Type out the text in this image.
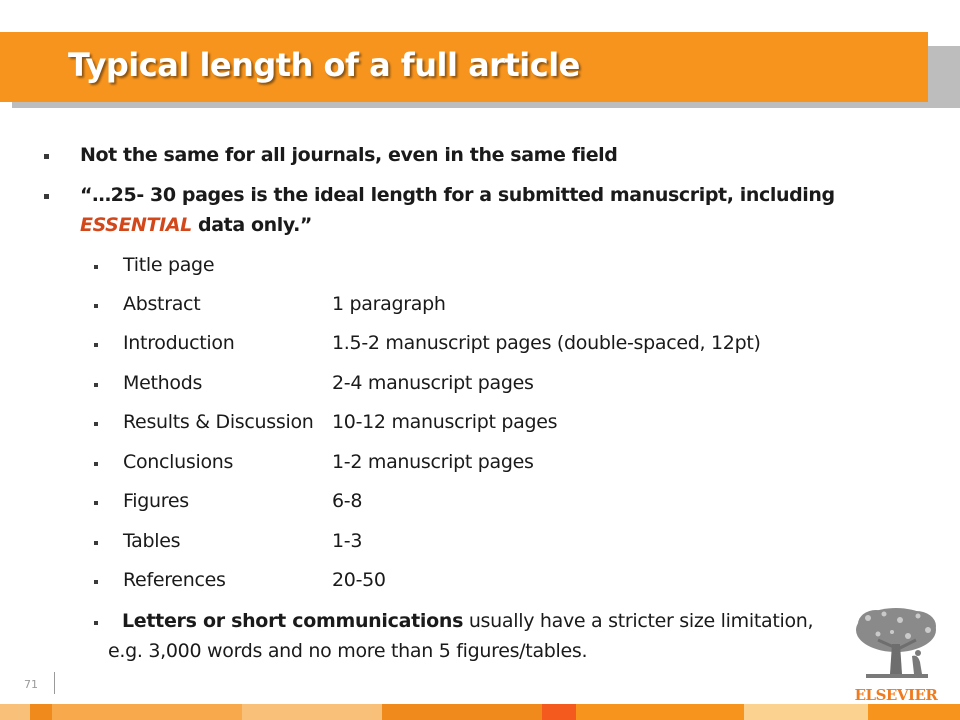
Typical length of a full article
Not the same for all journals, even in the same field
“…25- 30 pages is the ideal length for a submitted manuscript, including
ESSENTIAL data only.”
Title page
Abstract	1 paragraph
Introduction	1.5-2 manuscript pages (double-spaced, 12pt)
Methods	2-4 manuscript pages
Results & Discussion 10-12 manuscript pages
Conclusions	1-2 manuscript pages
Figures	6-8
Tables	1-3
References	20-50
Letters or short communications usually have a stricter size limitation,
e.g. 3,000 words and no more than 5 figures/tables.
71
ELSEVIER
